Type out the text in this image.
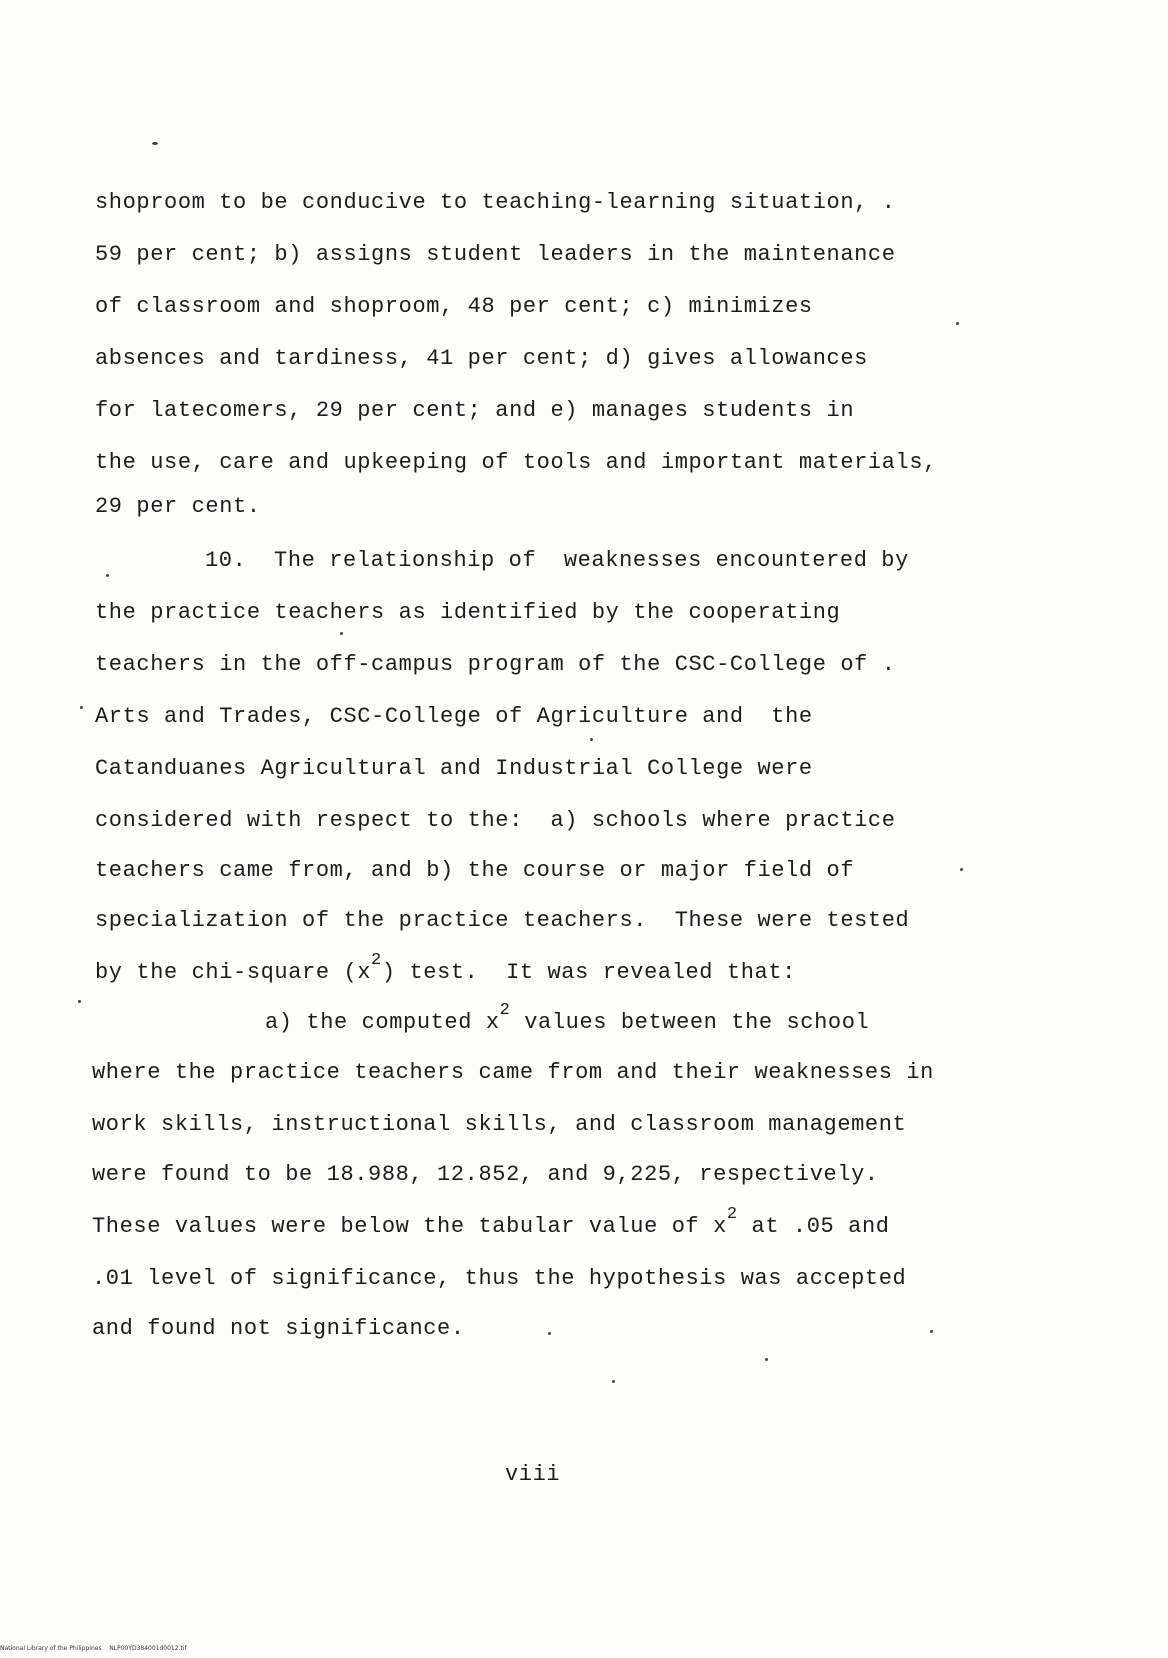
shoproom to be conducive to teaching-learning situation, .
59 per cent; b) assigns student leaders in the maintenance
of classroom and shoproom, 48 per cent; c) minimizes
absences and tardiness, 41 per cent; d) gives allowances
for latecomers, 29 per cent; and e) manages students in
the use, care and upkeeping of tools and important materials,
29 per cent.
10.  The relationship of  weaknesses encountered by
the practice teachers as identified by the cooperating
teachers in the off-campus program of the CSC-College of .
Arts and Trades, CSC-College of Agriculture and  the
Catanduanes Agricultural and Industrial College were
considered with respect to the:  a) schools where practice
teachers came from, and b) the course or major field of
specialization of the practice teachers.  These were tested
by the chi-square $(x^2)$ test.  It was revealed that:
a) the computed $x^2$ values between the school
where the practice teachers came from and their weaknesses in
work skills, instructional skills, and classroom management
were found to be 18.988, 12.852, and 9,225, respectively.
These values were below the tabular value of $x^2$ at .05 and
.01 level of significance, thus the hypothesis was accepted
and found not significance.
viii
National Library of the Philippines    NLP00YD384001d0012.tif
